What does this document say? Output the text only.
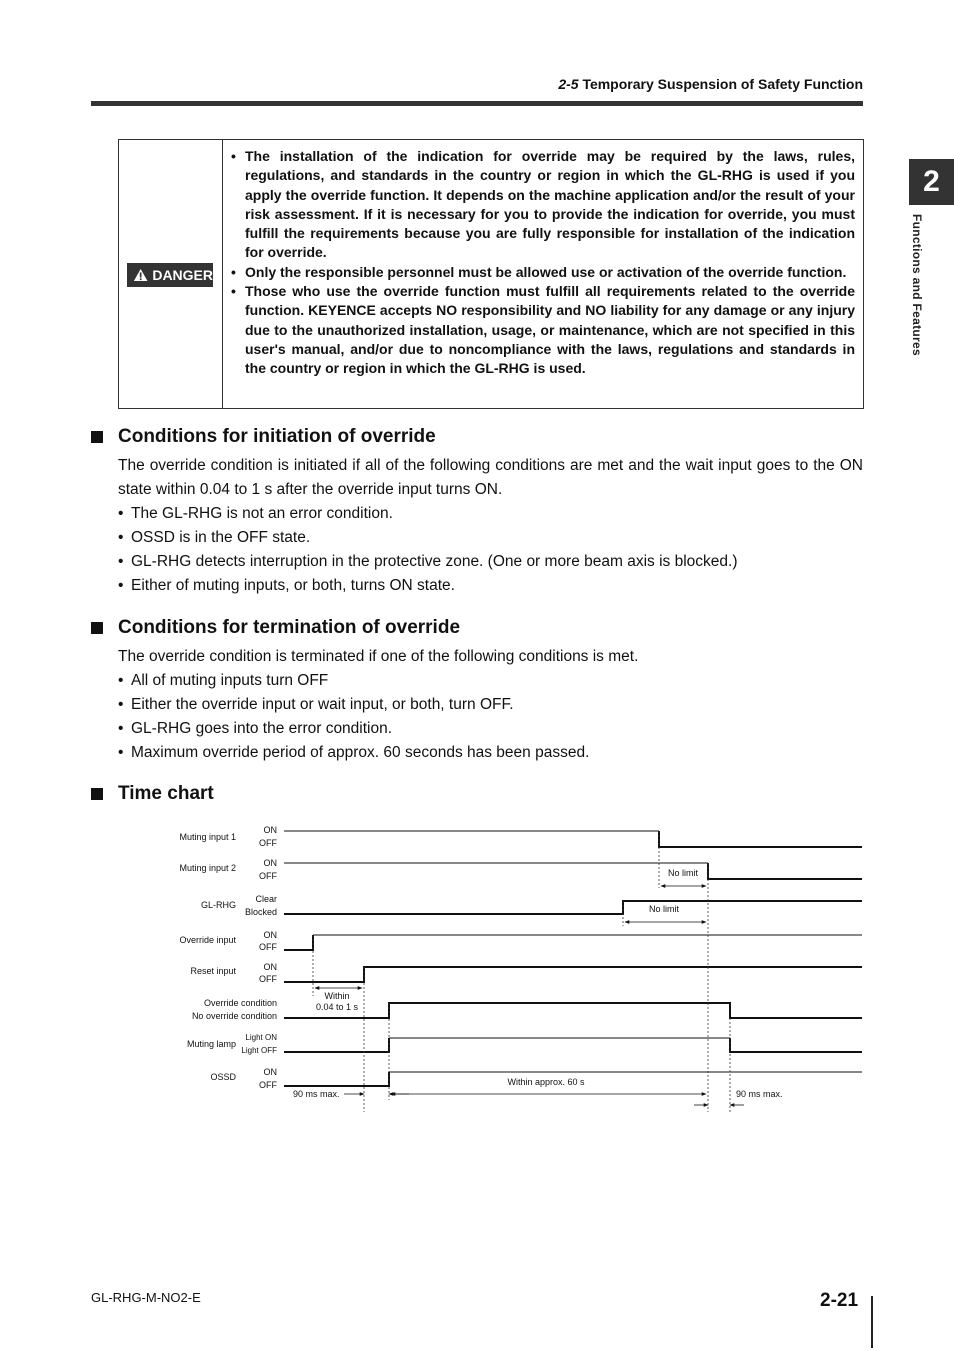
2-5 Temporary Suspension of Safety Function
2
Functions and Features
DANGER
• The installation of the indication for override may be required by the laws, rules, regulations, and standards in the country or region in which the GL-RHG is used if you apply the override function. It depends on the machine application and/or the result of your risk assessment. If it is necessary for you to provide the indication for override, you must fulfill the requirements because you are fully responsible for installation of the indication for override.
• Only the responsible personnel must be allowed use or activation of the override function.
• Those who use the override function must fulfill all requirements related to the override function. KEYENCE accepts NO responsibility and NO liability for any damage or any injury due to the unauthorized installation, usage, or maintenance, which are not specified in this user's manual, and/or due to noncompliance with the laws, regulations and standards in the country or region in which the GL-RHG is used.
Conditions for initiation of override
The override condition is initiated if all of the following conditions are met and the wait input goes to the ON state within 0.04 to 1 s after the override input turns ON.
• The GL-RHG is not an error condition.
• OSSD is in the OFF state.
• GL-RHG detects interruption in the protective zone. (One or more beam axis is blocked.)
• Either of muting inputs, or both, turns ON state.
Conditions for termination of override
The override condition is terminated if one of the following conditions is met.
• All of muting inputs turn OFF
• Either the override input or wait input, or both, turn OFF.
• GL-RHG goes into the error condition.
• Maximum override period of approx. 60 seconds has been passed.
Time chart
Muting input 1
Muting input 2
GL-RHG
Override input
Reset input
Muting lamp
OSSD
ON
OFF
ON
OFF
Clear
Blocked
ON
OFF
ON
OFF
Override condition
No override condition
Light ON
Light OFF
ON
OFF
No limit
No limit
Within
0.04 to 1 s
90 ms max.
Within approx. 60 s
90 ms max.
GL-RHG-M-NO2-E	2-21
